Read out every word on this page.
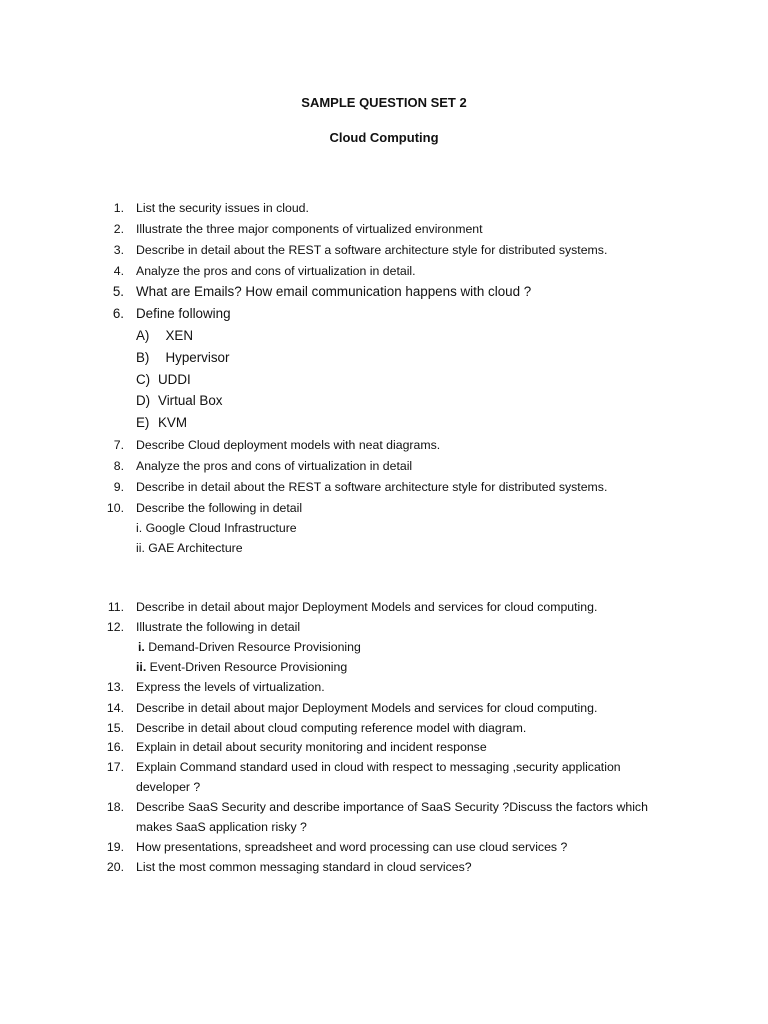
SAMPLE QUESTION SET 2
Cloud Computing
1. List the security issues in cloud.
2. Illustrate the three major components of virtualized environment
3. Describe in detail about the REST a software architecture style for distributed systems.
4. Analyze the pros and cons of virtualization in detail.
5. What are Emails? How email communication happens with cloud ?
6. Define following
A) XEN
B) Hypervisor
C) UDDI
D) Virtual Box
E) KVM
7. Describe Cloud deployment models with neat diagrams.
8. Analyze the pros and cons of virtualization in detail
9. Describe in detail about the REST a software architecture style for distributed systems.
10. Describe the following in detail
i. Google Cloud Infrastructure
ii. GAE Architecture
11. Describe in detail about major Deployment Models and services for cloud computing.
12. Illustrate the following in detail
i. Demand-Driven Resource Provisioning
ii. Event-Driven Resource Provisioning
13. Express the levels of virtualization.
14. Describe in detail about major Deployment Models and services for cloud computing.
15. Describe in detail about cloud computing reference model with diagram.
16. Explain in detail about security monitoring and incident response
17. Explain Command standard used in cloud with respect to messaging ,security application
developer ?
18. Describe SaaS Security and describe importance of SaaS Security ?Discuss the factors which
makes SaaS application risky ?
19. How presentations, spreadsheet and word processing can use cloud services ?
20. List the most common messaging standard in cloud services?
